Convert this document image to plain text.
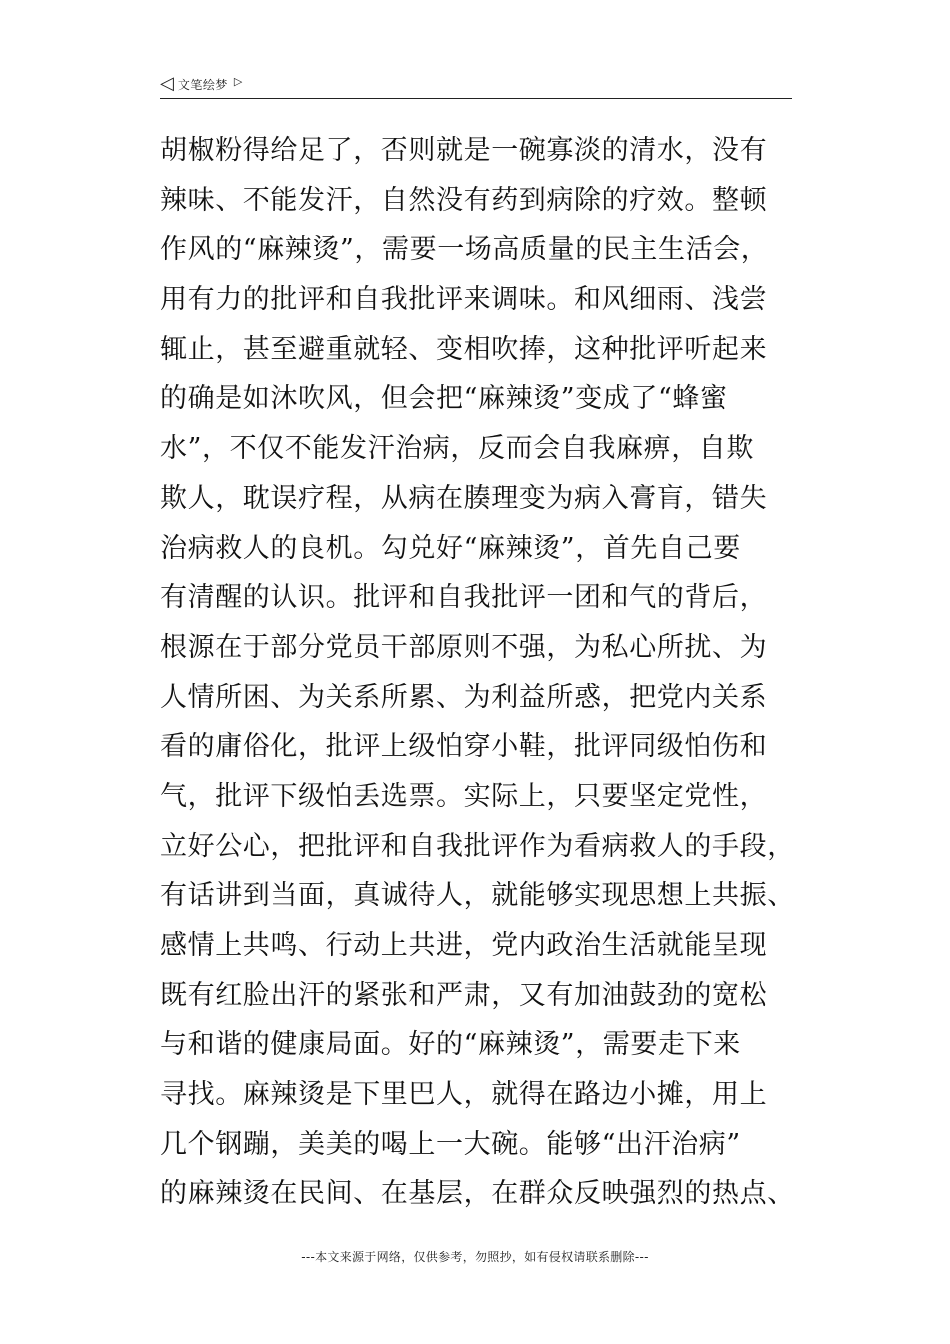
◁ 文笔绘梦 ▷
胡椒粉得给足了，否则就是一碗寡淡的清水，没有
辣味、不能发汗，自然没有药到病除的疗效。整顿
作风的“麻辣烫”，需要一场高质量的民主生活会，
用有力的批评和自我批评来调味。和风细雨、浅尝
辄止，甚至避重就轻、变相吹捧，这种批评听起来
的确是如沐吹风，但会把“麻辣烫”变成了“蜂蜜
水”，不仅不能发汗治病，反而会自我麻痹，自欺
欺人，耽误疗程，从病在腠理变为病入膏肓，错失
治病救人的良机。勾兑好“麻辣烫”，首先自己要
有清醒的认识。批评和自我批评一团和气的背后，
根源在于部分党员干部原则不强，为私心所扰、为
人情所困、为关系所累、为利益所惑，把党内关系
看的庸俗化，批评上级怕穿小鞋，批评同级怕伤和
气，批评下级怕丢选票。实际上，只要坚定党性，
立好公心，把批评和自我批评作为看病救人的手段，
有话讲到当面，真诚待人，就能够实现思想上共振、
感情上共鸣、行动上共进，党内政治生活就能呈现
既有红脸出汗的紧张和严肃，又有加油鼓劲的宽松
与和谐的健康局面。好的“麻辣烫”，需要走下来
寻找。麻辣烫是下里巴人，就得在路边小摊，用上
几个钢蹦，美美的喝上一大碗。能够“出汗治病”
的麻辣烫在民间、在基层，在群众反映强烈的热点、
---本文来源于网络，仅供参考，勿照抄，如有侵权请联系删除---
